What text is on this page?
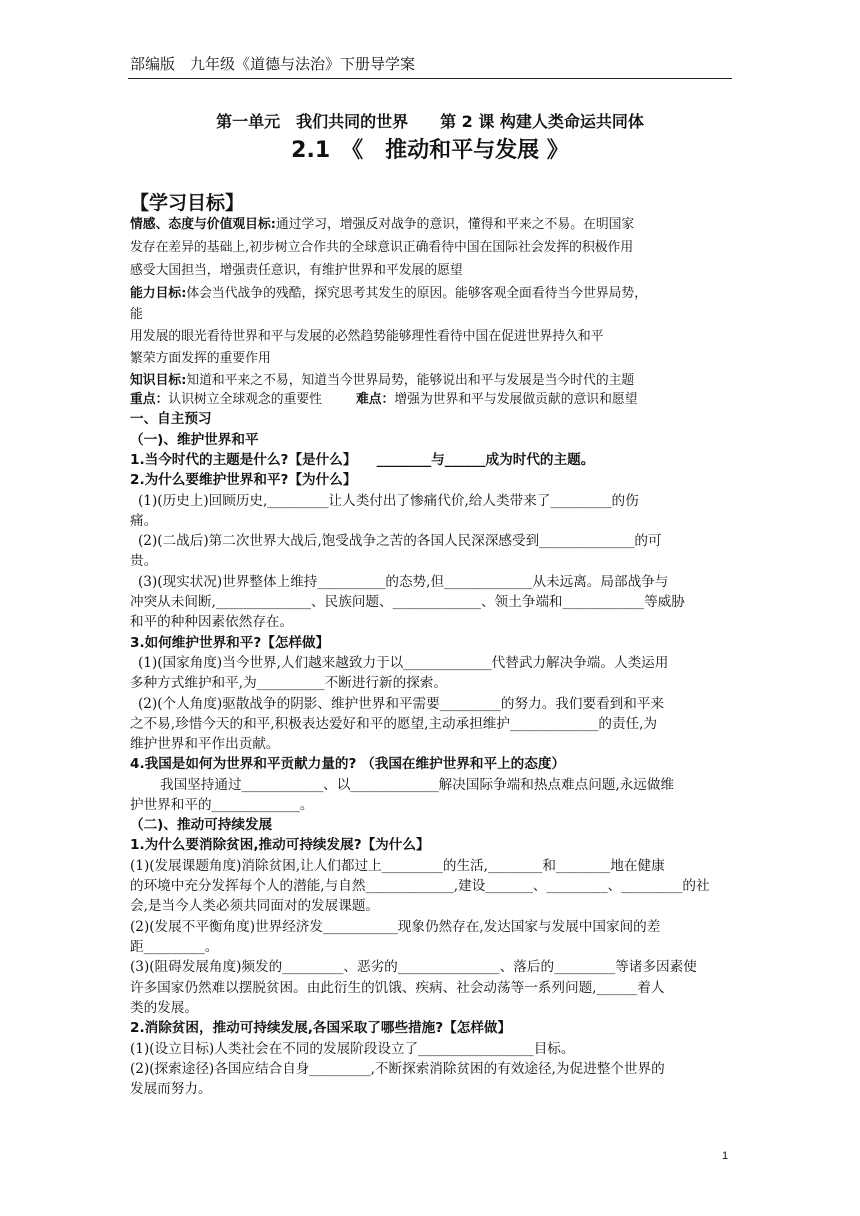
部编版　九年级《道德与法治》下册导学案
第一单元　我们共同的世界　　第 2 课 构建人类命运共同体
2.1　《　推动和平与发展 》
【学习目标】
情感、态度与价值观目标:通过学习，增强反对战争的意识，懂得和平来之不易。在明国家
发存在差异的基础上,初步树立合作共的全球意识正确看待中国在国际社会发挥的积极作用
感受大国担当，增强责任意识，有维护世界和平发展的愿望
能力目标:体会当代战争的残酷，探究思考其发生的原因。能够客观全面看待当今世界局势，
能
用发展的眼光看待世界和平与发展的必然趋势能够理性看待中国在促进世界持久和平
繁荣方面发挥的重要作用
知识目标:知道和平来之不易，知道当今世界局势，能够说出和平与发展是当今时代的主题
重点：认识树立全球观念的重要性	难点：增强为世界和平与发展做贡献的意识和愿望
一、自主预习
（一)、维护世界和平
1.当今时代的主题是什么?【是什么】　　________与______成为时代的主题。
2.为什么要维护世界和平?【为什么】
(1)(历史上)回顾历史,_________让人类付出了惨痛代价,给人类带来了_________的伤
痛。
(2)(二战后)第二次世界大战后,饱受战争之苦的各国人民深深感受到______________的可
贵。
(3)(现实状况)世界整体上维持__________的态势,但_____________从未远离。局部战争与
冲突从未间断,______________、民族问题、_____________、领土争端和____________等威胁
和平的种种因素依然存在。
3.如何维护世界和平?【怎样做】
(1)(国家角度)当今世界,人们越来越致力于以_____________代替武力解决争端。人类运用
多种方式维护和平,为__________不断进行新的探索。
(2)(个人角度)驱散战争的阴影、维护世界和平需要_________的努力。我们要看到和平来
之不易,珍惜今天的和平,积极表达爱好和平的愿望,主动承担维护_____________的责任,为
维护世界和平作出贡献。
4.我国是如何为世界和平贡献力量的? （我国在维护世界和平上的态度）
我国坚持通过____________、以_____________解决国际争端和热点难点问题,永远做维
护世界和平的_____________。
（二)、推动可持续发展
1.为什么要消除贫困,推动可持续发展?【为什么】
(1)(发展课题角度)消除贫困,让人们都过上_________的生活,________和________地在健康
的环境中充分发挥每个人的潜能,与自然_____________,建设_______、_________、_________的社
会,是当今人类必须共同面对的发展课题。
(2)(发展不平衡角度)世界经济发___________现象仍然存在,发达国家与发展中国家间的差
距_________。
(3)(阻碍发展角度)频发的_________、恶劣的_______________、落后的_________等诸多因素使
许多国家仍然难以摆脱贫困。由此衍生的饥饿、疾病、社会动荡等一系列问题,______着人
类的发展。
2.消除贫困，推动可持续发展,各国采取了哪些措施?【怎样做】
(1)(设立目标)人类社会在不同的发展阶段设立了_________________目标。
(2)(探索途径)各国应结合自身_________,不断探索消除贫困的有效途径,为促进整个世界的
发展而努力。
1
